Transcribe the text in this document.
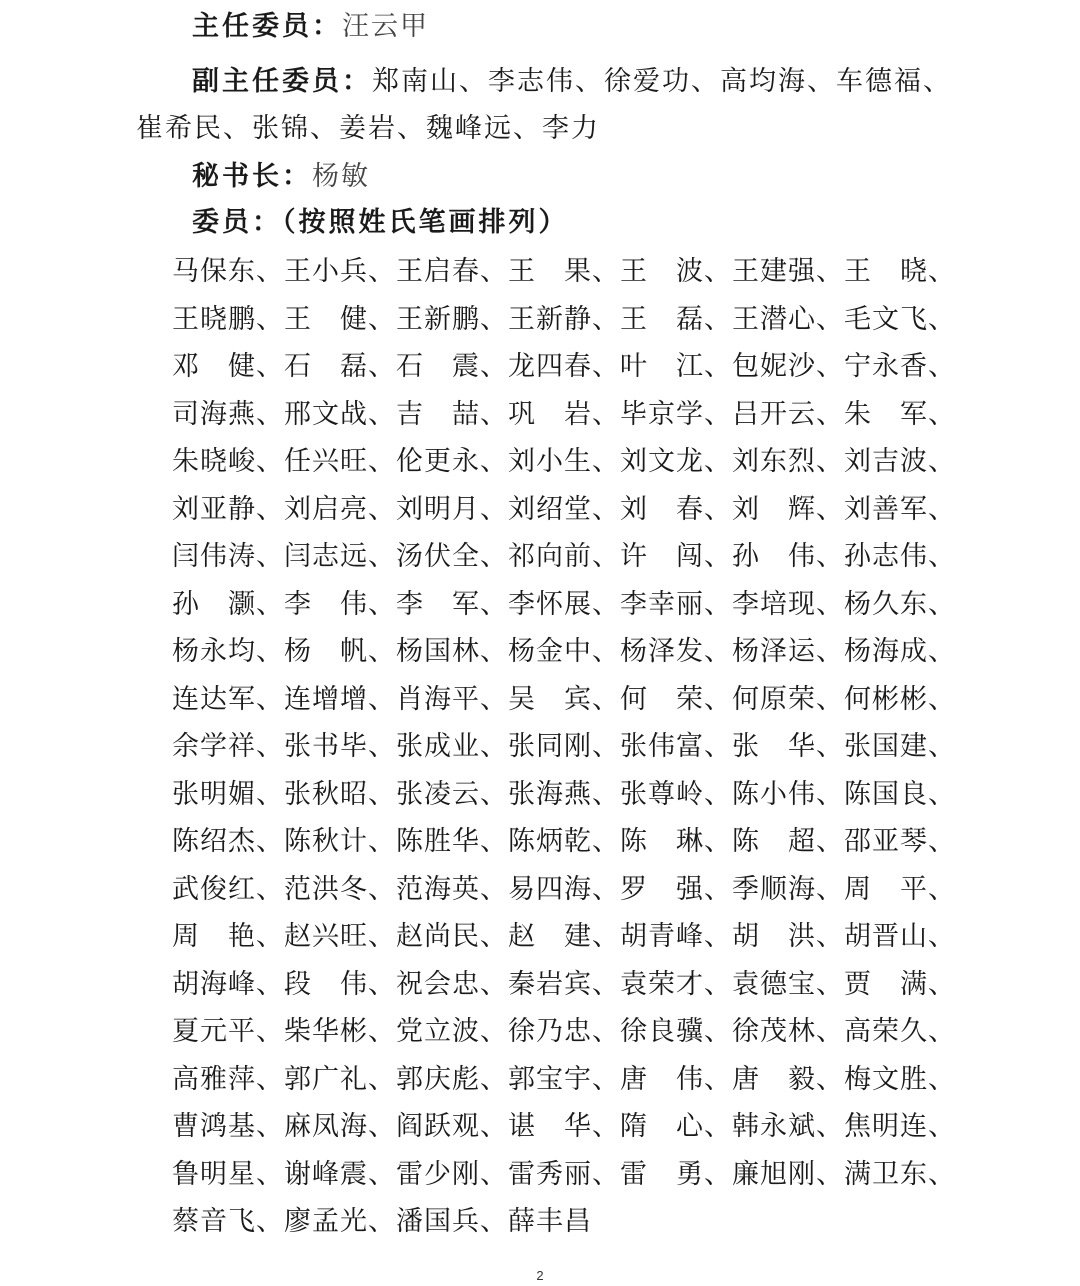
主任委员：汪云甲
副主任委员：郑南山、李志伟、徐爱功、高均海、车德福、
崔希民、张锦、姜岩、魏峰远、李力
秘书长：杨敏
委员：（按照姓氏笔画排列）
马保东、王小兵、王启春、王　果、王　波、王建强、王　晓、
王晓鹏、王　健、王新鹏、王新静、王　磊、王潜心、毛文飞、
邓　健、石　磊、石　震、龙四春、叶　江、包妮沙、宁永香、
司海燕、邢文战、吉　喆、巩　岩、毕京学、吕开云、朱　军、
朱晓峻、任兴旺、伦更永、刘小生、刘文龙、刘东烈、刘吉波、
刘亚静、刘启亮、刘明月、刘绍堂、刘　春、刘　辉、刘善军、
闫伟涛、闫志远、汤伏全、祁向前、许　闯、孙　伟、孙志伟、
孙　灏、李　伟、李　军、李怀展、李幸丽、李培现、杨久东、
杨永均、杨　帆、杨国林、杨金中、杨泽发、杨泽运、杨海成、
连达军、连增增、肖海平、吴　宾、何　荣、何原荣、何彬彬、
余学祥、张书毕、张成业、张同刚、张伟富、张　华、张国建、
张明媚、张秋昭、张凌云、张海燕、张尊岭、陈小伟、陈国良、
陈绍杰、陈秋计、陈胜华、陈炳乾、陈　琳、陈　超、邵亚琴、
武俊红、范洪冬、范海英、易四海、罗　强、季顺海、周　平、
周　艳、赵兴旺、赵尚民、赵　建、胡青峰、胡　洪、胡晋山、
胡海峰、段　伟、祝会忠、秦岩宾、袁荣才、袁德宝、贾　满、
夏元平、柴华彬、党立波、徐乃忠、徐良骥、徐茂林、高荣久、
高雅萍、郭广礼、郭庆彪、郭宝宇、唐　伟、唐　毅、梅文胜、
曹鸿基、麻凤海、阎跃观、谌　华、隋　心、韩永斌、焦明连、
鲁明星、谢峰震、雷少刚、雷秀丽、雷　勇、廉旭刚、满卫东、
蔡音飞、廖孟光、潘国兵、薛丰昌
2
